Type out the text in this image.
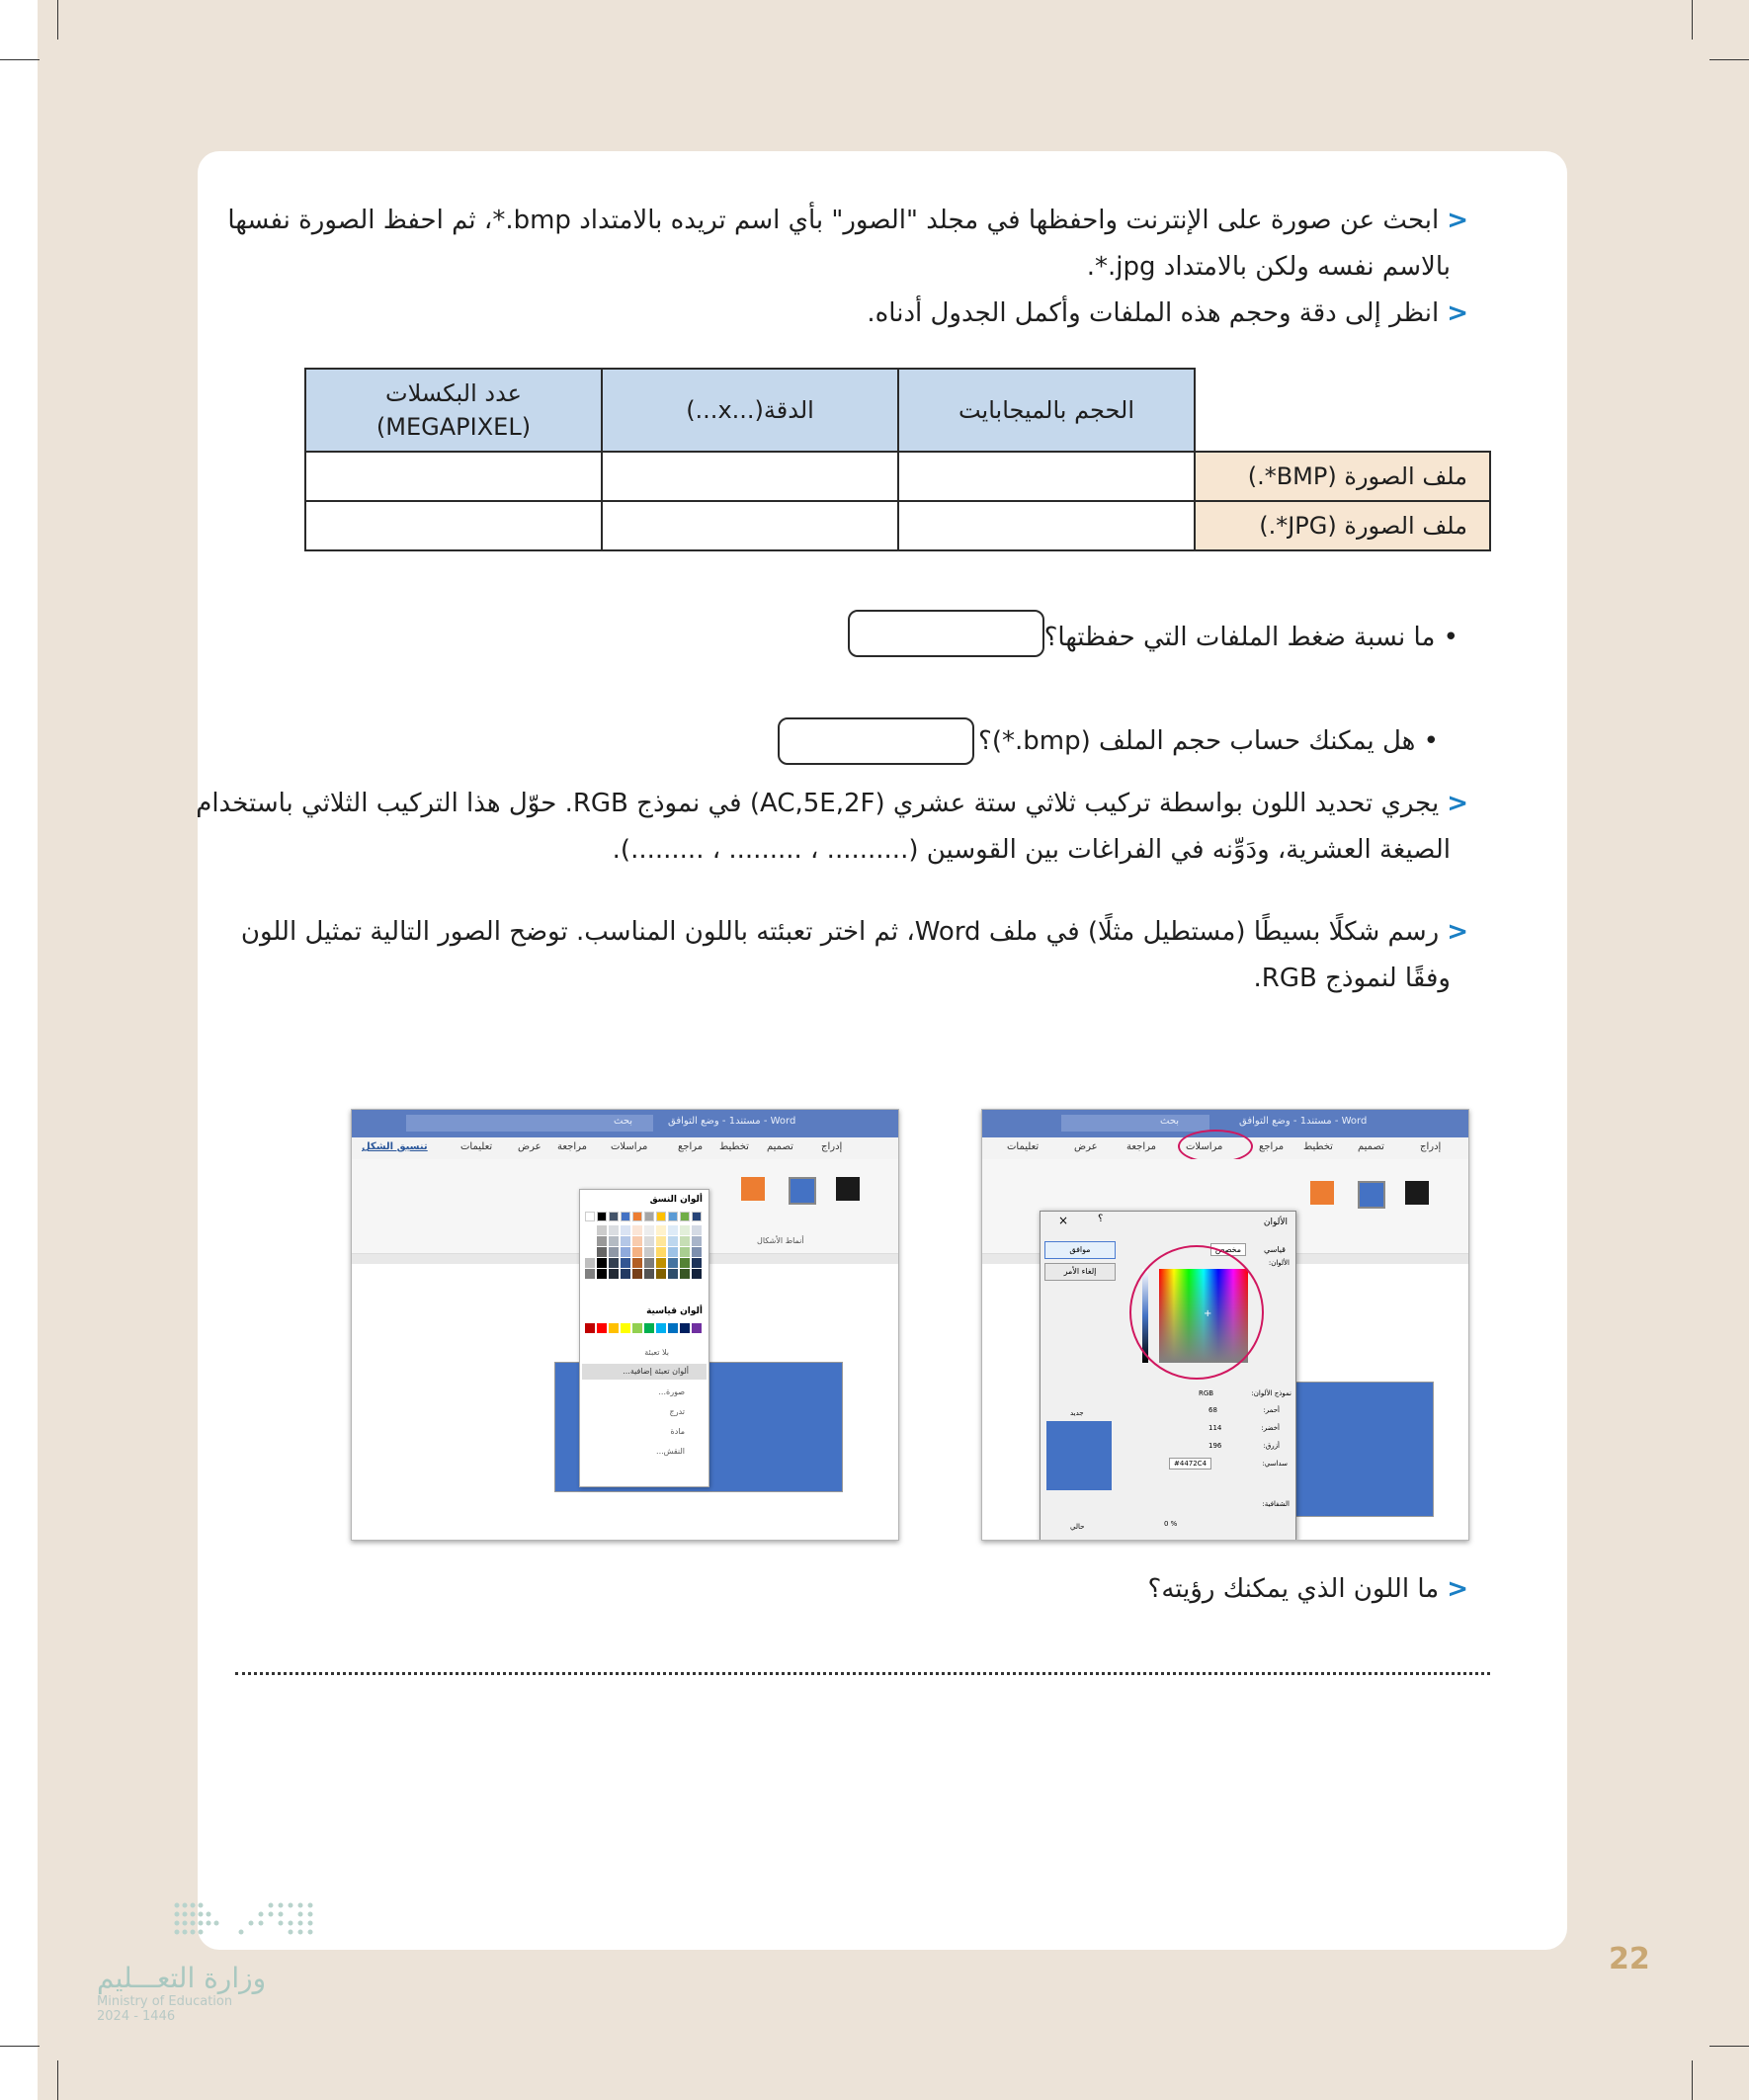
<ابحث عن صورة على الإنترنت واحفظها في مجلد "الصور" بأي اسم تريده بالامتداد bmp.*، ثم احفظ الصورة نفسها
بالاسم نفسه ولكن بالامتداد jpg.*.
<انظر إلى دقة وحجم هذه الملفات وأكمل الجدول أدناه.
	الحجم بالميجابايت	الدقة(...x...)	عدد البكسلات
(MEGAPIXEL)
ملف الصورة (BMP*.)			
ملف الصورة (JPG*.)			
• ما نسبة ضغط الملفات التي حفظتها؟
• هل يمكنك حساب حجم الملف (bmp.*)؟
<يجري تحديد اللون بواسطة تركيب ثلاثي ستة عشري (AC,5E,2F) في نموذج RGB. حوّل هذا التركيب الثلاثي باستخدام
الصيغة العشرية، ودَوِّنه في الفراغات بين القوسين (.......... ، ......... ، .........).
<رسم شكلًا بسيطًا (مستطيل مثلًا) في ملف Word، ثم اختر تعبئته باللون المناسب. توضح الصور التالية تمثيل اللون
وفقًا لنموذج RGB.
بحث	مستند1 - وضع التوافق - Word
تنسيق الشكل	تعليمات	عرض مراجعة مراسلات	مراجع تخطيط تصميم	إدراج
أنماط الأشكال
ألوان النسق
ألوان قياسية
بلا تعبئة
ألوان تعبئة إضافية...
صورة...
تدرج
مادة
النقش...
بحث	مستند1 - وضع التوافق - Word
تعليمات	عرض	مراجعة	مراسلات	مراجع تخطيط	تصميم	إدراج
الألوان
×	؟
قياسي
مخصص
الألوان:
موافق
إلغاء الأمر
+
نموذج الألوان:
RGB
أحمر:
68
أخضر:
114
أزرق:
196
سداسي:
#4472C4
جديد
حالي
الشفافية:
0 %
<ما اللون الذي يمكنك رؤيته؟
وزارة التعـــليم
Ministry of Education
2024 - 1446
22
